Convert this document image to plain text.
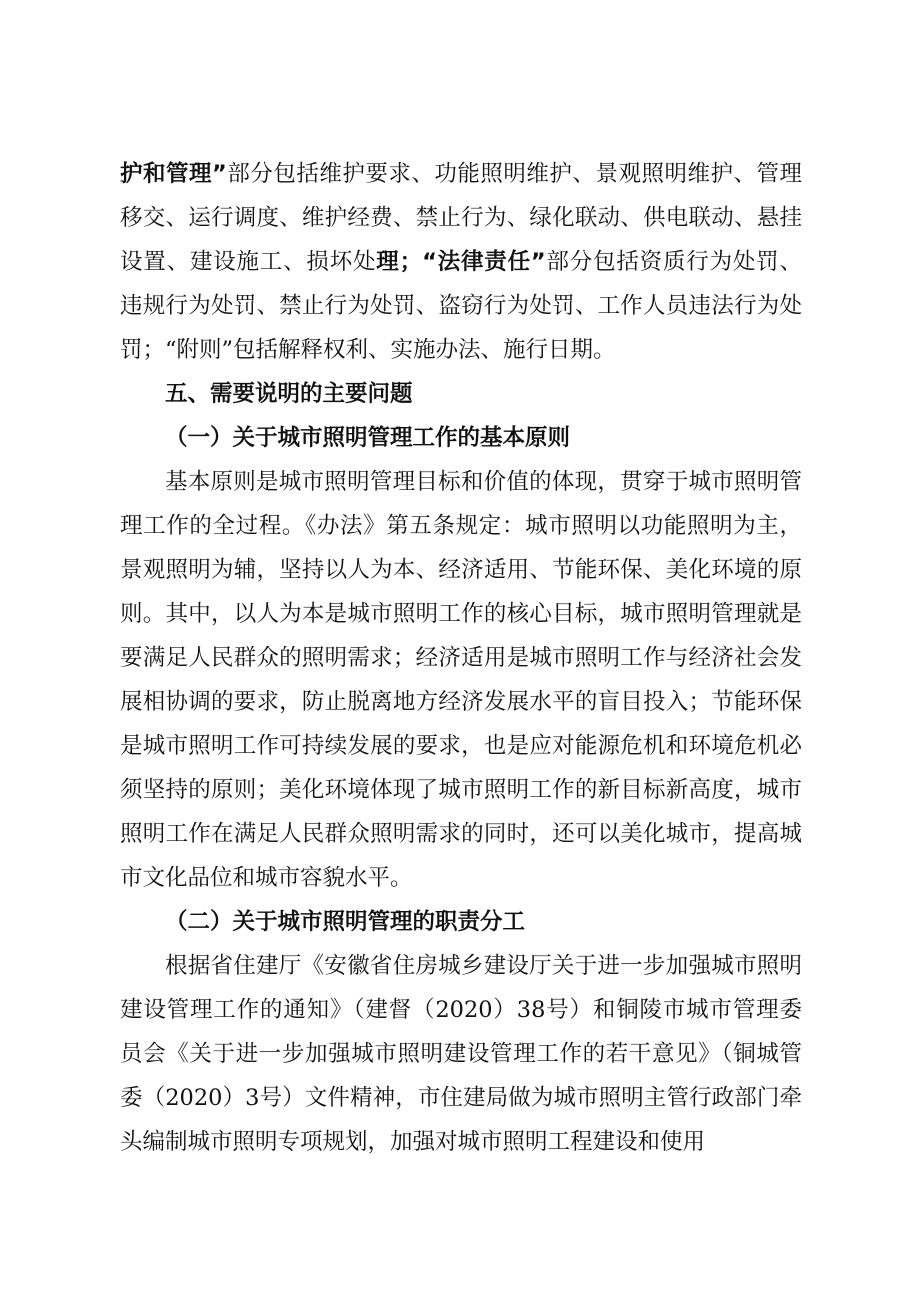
护和管理”部分包括维护要求、功能照明维护、景观照明维护、管理移交、运行调度、维护经费、禁止行为、绿化联动、供电联动、悬挂设置、建设施工、损坏处理；“法律责任”部分包括资质行为处罚、违规行为处罚、禁止行为处罚、盗窃行为处罚、工作人员违法行为处罚；“附则”包括解释权利、实施办法、施行日期。

五、需要说明的主要问题

（一）关于城市照明管理工作的基本原则

基本原则是城市照明管理目标和价值的体现，贯穿于城市照明管理工作的全过程。《办法》第五条规定：城市照明以功能照明为主，景观照明为辅，坚持以人为本、经济适用、节能环保、美化环境的原则。其中，以人为本是城市照明工作的核心目标，城市照明管理就是要满足人民群众的照明需求；经济适用是城市照明工作与经济社会发展相协调的要求，防止脱离地方经济发展水平的盲目投入；节能环保是城市照明工作可持续发展的要求，也是应对能源危机和环境危机必须坚持的原则；美化环境体现了城市照明工作的新目标新高度，城市照明工作在满足人民群众照明需求的同时，还可以美化城市，提高城市文化品位和城市容貌水平。

（二）关于城市照明管理的职责分工

根据省住建厅《安徽省住房城乡建设厅关于进一步加强城市照明建设管理工作的通知》（建督（2020）38号）和铜陵市城市管理委员会《关于进一步加强城市照明建设管理工作的若干意见》（铜城管委（2020）3号）文件精神，市住建局做为城市照明主管行政部门牵头编制城市照明专项规划，加强对城市照明工程建设和使用
